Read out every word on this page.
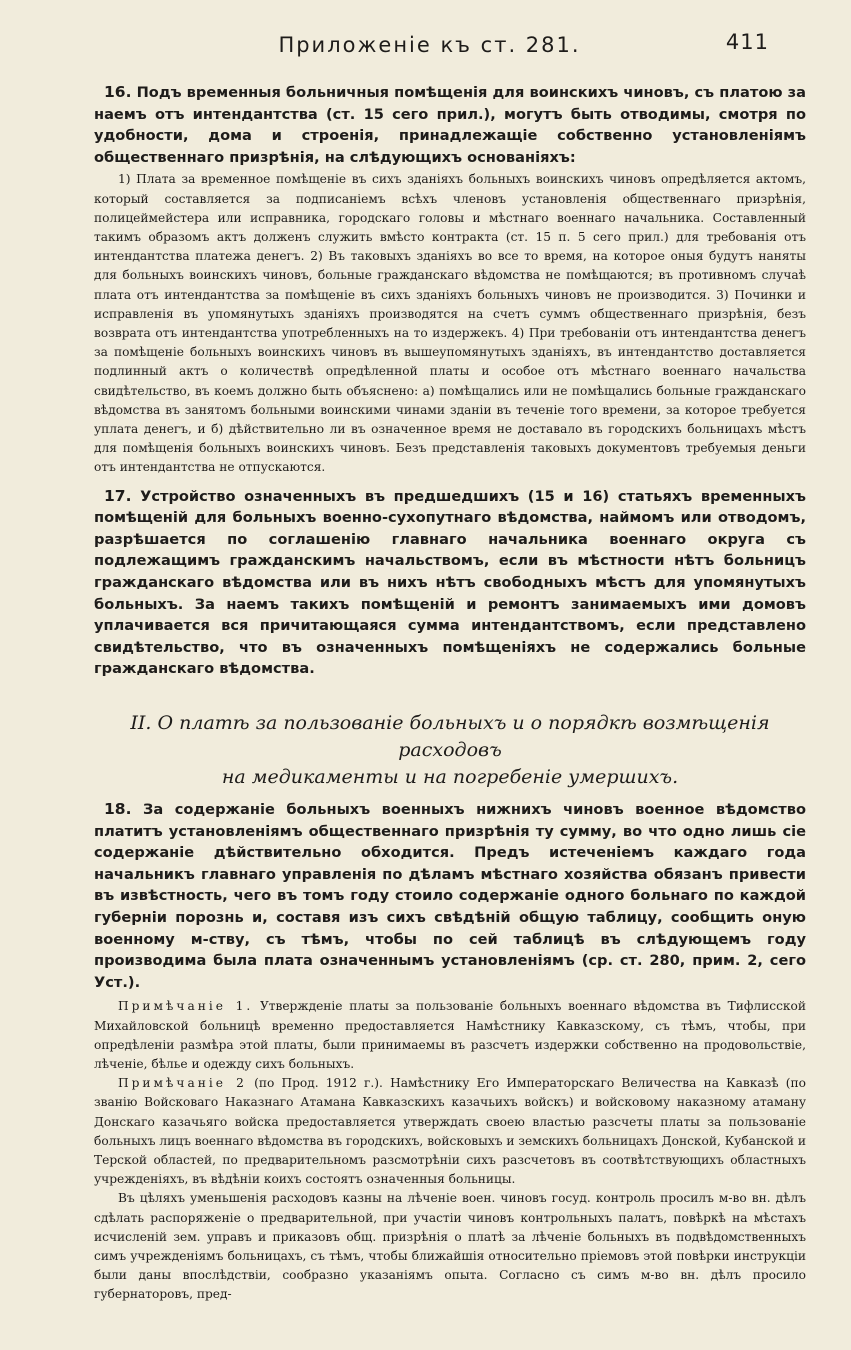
Приложеніе къ ст. 281.	411

16. Подъ временныя больничныя помѣщенія для воинскихъ чиновъ, съ платою за наемъ отъ интендантства (ст. 15 сего прил.), могутъ быть отводимы, смотря по удобности, дома и строенія, принадлежащіе собственно установленіямъ общественнаго призрѣнія, на слѣдующихъ основаніяхъ:

1) Плата за временное помѣщеніе въ сихъ зданіяхъ больныхъ воинскихъ чиновъ опредѣляется актомъ, который составляется за подписаніемъ всѣхъ членовъ установленія общественнаго призрѣнія, полицеймейстера или исправника, городскаго головы и мѣстнаго военнаго начальника. Составленный такимъ образомъ актъ долженъ служить вмѣсто контракта (ст. 15 п. 5 сего прил.) для требованія отъ интендантства платежа денегъ. 2) Въ таковыхъ зданіяхъ во все то время, на которое оныя будутъ наняты для больныхъ воинскихъ чиновъ, больные гражданскаго вѣдомства не помѣщаются; въ противномъ случаѣ плата отъ интендантства за помѣщеніе въ сихъ зданіяхъ больныхъ чиновъ не производится. 3) Починки и исправленія въ упомянутыхъ зданіяхъ производятся на счетъ суммъ общественнаго призрѣнія, безъ возврата отъ интендантства употребленныхъ на то издержекъ. 4) При требованіи отъ интендантства денегъ за помѣщеніе больныхъ воинскихъ чиновъ въ вышеупомянутыхъ зданіяхъ, въ интендантство доставляется подлинный актъ о количествѣ опредѣленной платы и особое отъ мѣстнаго военнаго начальства свидѣтельство, въ коемъ должно быть объяснено: а) помѣщались или не помѣщались больные гражданскаго вѣдомства въ занятомъ больными воинскими чинами зданіи въ теченіе того времени, за которое требуется уплата денегъ, и б) дѣйствительно ли въ означенное время не доставало въ городскихъ больницахъ мѣстъ для помѣщенія больныхъ воинскихъ чиновъ. Безъ представленія таковыхъ документовъ требуемыя деньги отъ интендантства не отпускаются.

17. Устройство означенныхъ въ предшедшихъ (15 и 16) статьяхъ временныхъ помѣщеній для больныхъ военно-сухопутнаго вѣдомства, наймомъ или отводомъ, разрѣшается по соглашенію главнаго начальника военнаго округа съ подлежащимъ гражданскимъ начальствомъ, если въ мѣстности нѣтъ больницъ гражданскаго вѣдомства или въ нихъ нѣтъ свободныхъ мѣстъ для упомянутыхъ больныхъ. За наемъ такихъ помѣщеній и ремонтъ занимаемыхъ ими домовъ уплачивается вся причитающаяся сумма интендантствомъ, если представлено свидѣтельство, что въ означенныхъ помѣщеніяхъ не содержались больные гражданскаго вѣдомства.

II. О платѣ за пользованіе больныхъ и о порядкѣ возмѣщенія расходовъ
на медикаменты и на погребеніе умершихъ.

18. За содержаніе больныхъ военныхъ нижнихъ чиновъ военное вѣдомство платитъ установленіямъ общественнаго призрѣнія ту сумму, во что одно лишь сіе содержаніе дѣйствительно обходится. Предъ истеченіемъ каждаго года начальникъ главнаго управленія по дѣламъ мѣстнаго хозяйства обязанъ привести въ извѣстность, чего въ томъ году стоило содержаніе одного больнаго по каждой губерніи порознь и, составя изъ сихъ свѣдѣній общую таблицу, сообщить оную военному м-ству, съ тѣмъ, чтобы по сей таблицѣ въ слѣдующемъ году производима была плата означеннымъ установленіямъ (ср. ст. 280, прим. 2, сего Уст.).

Примѣчаніе 1. Утвержденіе платы за пользованіе больныхъ военнаго вѣдомства въ Тифлисской Михайловской больницѣ временно предоставляется Намѣстнику Кавказскому, съ тѣмъ, чтобы, при опредѣленіи размѣра этой платы, были принимаемы въ разсчетъ издержки собственно на продовольствіе, лѣченіе, бѣлье и одежду сихъ больныхъ.

Примѣчаніе 2 (по Прод. 1912 г.). Намѣстнику Его Императорскаго Величества на Кавказѣ (по званію Войсковаго Наказнаго Атамана Кавказскихъ казачьихъ войскъ) и войсковому наказному атаману Донскаго казачьяго войска предоставляется утверждать своею властью разсчеты платы за пользованіе больныхъ лицъ военнаго вѣдомства въ городскихъ, войсковыхъ и земскихъ больницахъ Донской, Кубанской и Терской областей, по предварительномъ разсмотрѣніи сихъ разсчетовъ въ соотвѣтствующихъ областныхъ учрежденіяхъ, въ вѣдѣніи коихъ состоятъ означенныя больницы.

Въ цѣляхъ уменьшенія расходовъ казны на лѣченіе воен. чиновъ госуд. контроль просилъ м-во вн. дѣлъ сдѣлать распоряженіе о предварительной, при участіи чиновъ контрольныхъ палатъ, повѣркѣ на мѣстахъ исчисленій зем. управъ и приказовъ общ. призрѣнія о платѣ за лѣченіе больныхъ въ подвѣдомственныхъ симъ учрежденіямъ больницахъ, съ тѣмъ, чтобы ближайшія относительно пріемовъ этой повѣрки инструкціи были даны впослѣдствіи, сообразно указаніямъ опыта. Согласно съ симъ м-во вн. дѣлъ просило губернаторовъ, пред-
